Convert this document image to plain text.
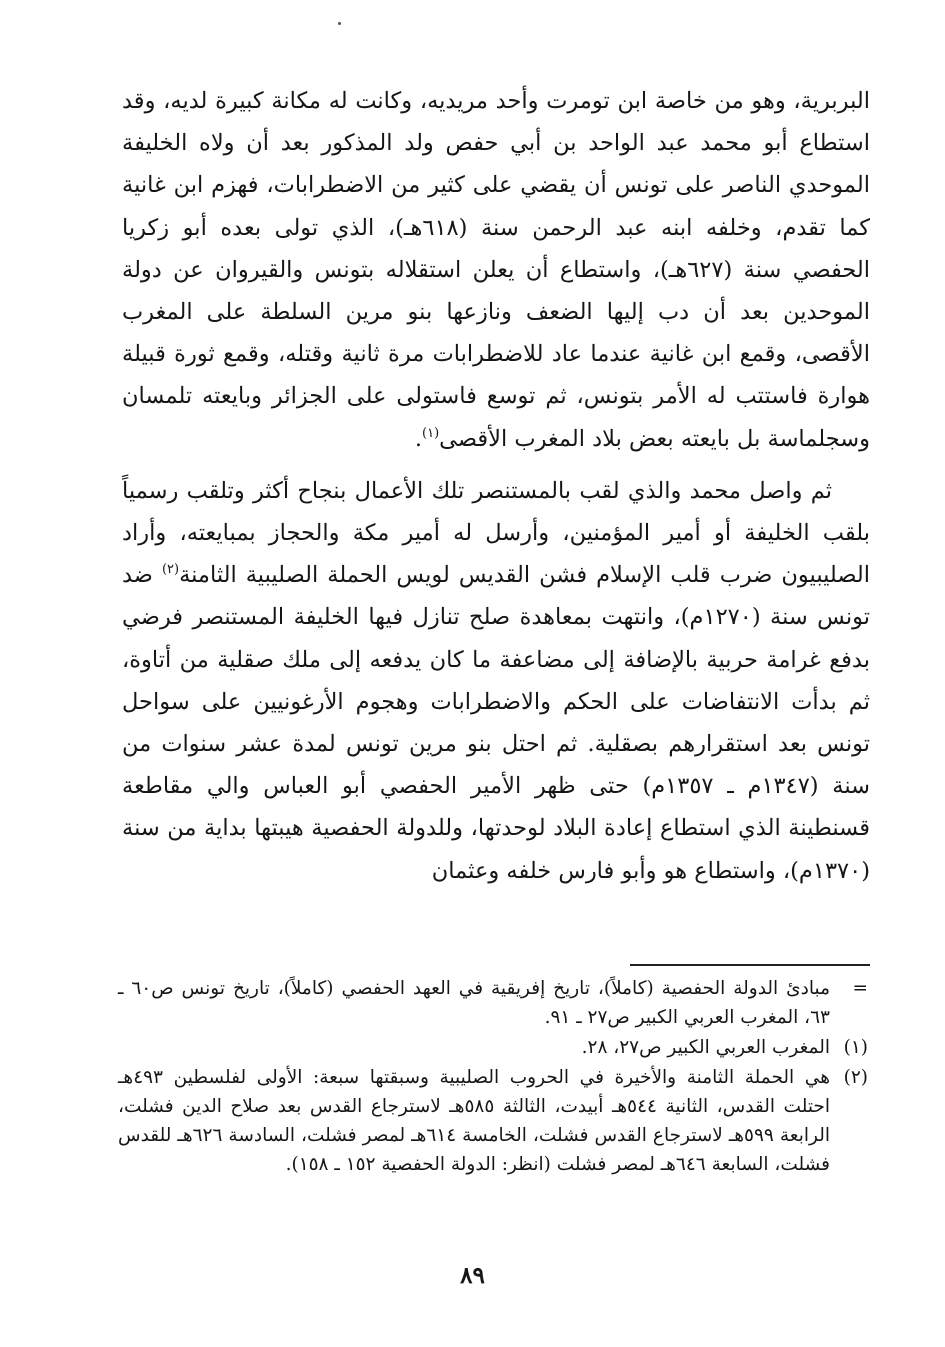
البربرية، وهو من خاصة ابن تومرت وأحد مريديه، وكانت له مكانة كبيرة لديه، وقد استطاع أبو محمد عبد الواحد بن أبي حفص ولد المذكور بعد أن ولاه الخليفة الموحدي الناصر على تونس أن يقضي على كثير من الاضطرابات، فهزم ابن غانية كما تقدم، وخلفه ابنه عبد الرحمن سنة (٦١٨هـ)، الذي تولى بعده أبو زكريا الحفصي سنة (٦٢٧هـ)، واستطاع أن يعلن استقلاله بتونس والقيروان عن دولة الموحدين بعد أن دب إليها الضعف ونازعها بنو مرين السلطة على المغرب الأقصى، وقمع ابن غانية عندما عاد للاضطرابات مرة ثانية وقتله، وقمع ثورة قبيلة هوارة فاستتب له الأمر بتونس، ثم توسع فاستولى على الجزائر وبايعته تلمسان وسجلماسة بل بايعته بعض بلاد المغرب الأقصى$^{(١)}$.

ثم واصل محمد والذي لقب بالمستنصر تلك الأعمال بنجاح أكثر وتلقب رسمياً بلقب الخليفة أو أمير المؤمنين، وأرسل له أمير مكة والحجاز بمبايعته، وأراد الصليبيون ضرب قلب الإسلام فشن القديس لويس الحملة الصليبية الثامنة$^{(٢)}$ ضد تونس سنة (١٢٧٠م)، وانتهت بمعاهدة صلح تنازل فيها الخليفة المستنصر فرضي بدفع غرامة حربية بالإضافة إلى مضاعفة ما كان يدفعه إلى ملك صقلية من أتاوة، ثم بدأت الانتفاضات على الحكم والاضطرابات وهجوم الأرغونيين على سواحل تونس بعد استقرارهم بصقلية. ثم احتل بنو مرين تونس لمدة عشر سنوات من سنة (١٣٤٧م ـ ١٣٥٧م) حتى ظهر الأمير الحفصي أبو العباس والي مقاطعة قسنطينة الذي استطاع إعادة البلاد لوحدتها، وللدولة الحفصية هيبتها بداية من سنة (١٣٧٠م)، واستطاع هو وأبو فارس خلفه وعثمان

=
مبادئ الدولة الحفصية (كاملاً)، تاريخ إفريقية في العهد الحفصي (كاملاً)، تاريخ تونس ص٦٠ ـ ٦٣، المغرب العربي الكبير ص٢٧ ـ ٩١.
(١)
المغرب العربي الكبير ص٢٧، ٢٨.
(٢)
هي الحملة الثامنة والأخيرة في الحروب الصليبية وسبقتها سبعة: الأولى لفلسطين ٤٩٣هـ احتلت القدس، الثانية ٥٤٤هـ أبيدت، الثالثة ٥٨٥هـ لاسترجاع القدس بعد صلاح الدين فشلت، الرابعة ٥٩٩هـ لاسترجاع القدس فشلت، الخامسة ٦١٤هـ لمصر فشلت، السادسة ٦٢٦هـ للقدس فشلت، السابعة ٦٤٦هـ لمصر فشلت (انظر: الدولة الحفصية ١٥٢ ـ ١٥٨).
٨٩
